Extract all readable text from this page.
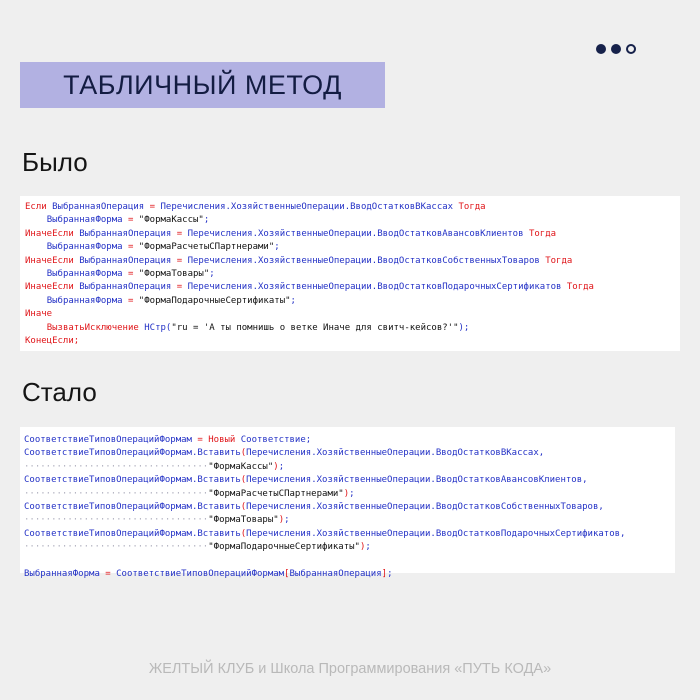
ТАБЛИЧНЫЙ МЕТОД
Было
Если ВыбраннаяОперация = Перечисления.ХозяйственныеОперации.ВводОстатковВКассах Тогда
ВыбраннаяФорма = "ФормаКассы";
ИначеЕсли ВыбраннаяОперация = Перечисления.ХозяйственныеОперации.ВводОстатковАвансовКлиентов Тогда
ВыбраннаяФорма = "ФормаРасчетыСПартнерами";
ИначеЕсли ВыбраннаяОперация = Перечисления.ХозяйственныеОперации.ВводОстатковСобственныхТоваров Тогда
ВыбраннаяФорма = "ФормаТовары";
ИначеЕсли ВыбраннаяОперация = Перечисления.ХозяйственныеОперации.ВводОстатковПодарочныхСертификатов Тогда
ВыбраннаяФорма = "ФормаПодарочныеСертификаты";
Иначе
ВызватьИсключение НСтр("ru = 'А ты помнишь о ветке Иначе для свитч-кейсов?'");
КонецЕсли;
Стало
СоответствиеТиповОперацийФормам = Новый Соответствие;
СоответствиеТиповОперацийФормам.Вставить(Перечисления.ХозяйственныеОперации.ВводОстатковВКассах,
··································"ФормаКассы");
СоответствиеТиповОперацийФормам.Вставить(Перечисления.ХозяйственныеОперации.ВводОстатковАвансовКлиентов,
··································"ФормаРасчетыСПартнерами");
СоответствиеТиповОперацийФормам.Вставить(Перечисления.ХозяйственныеОперации.ВводОстатковСобственныхТоваров,
··································"ФормаТовары");
СоответствиеТиповОперацийФормам.Вставить(Перечисления.ХозяйственныеОперации.ВводОстатковПодарочныхСертификатов,
··································"ФормаПодарочныеСертификаты");
ВыбраннаяФорма = СоответствиеТиповОперацийФормам[ВыбраннаяОперация];
ЖЕЛТЫЙ КЛУБ и Школа Программирования «ПУТЬ КОДА»
